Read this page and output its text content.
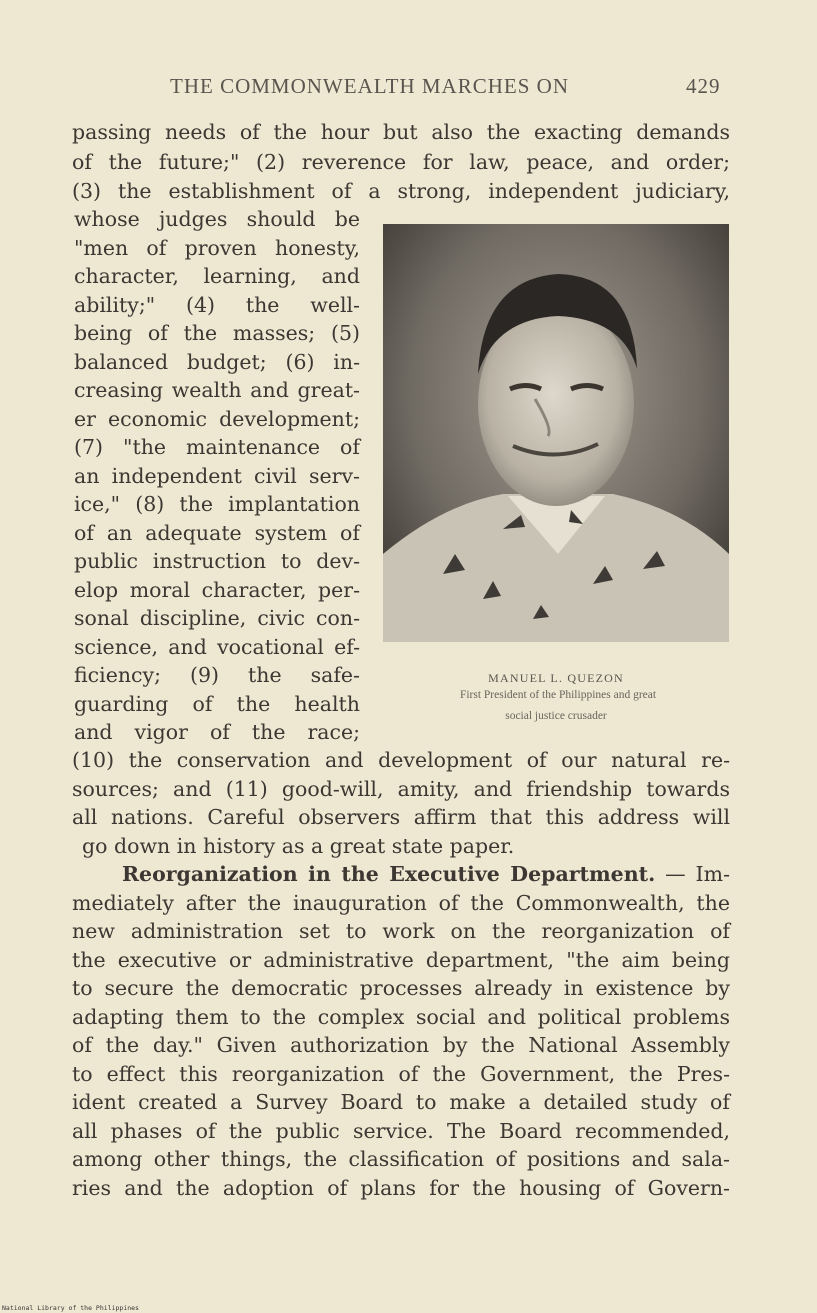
THE COMMONWEALTH MARCHES ON	429
passing needs of the hour but also the exacting demands
of the future;" (2) reverence for law, peace, and order;
(3) the establishment of a strong, independent judiciary,
whose judges should be
"men of proven honesty,
character, learning, and
ability;" (4) the well-
being of the masses; (5)
balanced budget; (6) in-
creasing wealth and great-
er economic development;
(7) "the maintenance of
an independent civil serv-
ice," (8) the implantation
of an adequate system of
public instruction to dev-
elop moral character, per-
sonal discipline, civic con-
science, and vocational ef-
ficiency; (9) the safe-
guarding of the health
and vigor of the race;
MANUEL L. QUEZON
First President of the Philippines and great
social justice crusader
(10) the conservation and development of our natural re-
sources; and (11) good-will, amity, and friendship towards
all nations. Careful observers affirm that this address will
go down in history as a great state paper.
Reorganization in the Executive Department. — Im-
mediately after the inauguration of the Commonwealth, the
new administration set to work on the reorganization of
the executive or administrative department, "the aim being
to secure the democratic processes already in existence by
adapting them to the complex social and political problems
of the day." Given authorization by the National Assembly
to effect this reorganization of the Government, the Pres-
ident created a Survey Board to make a detailed study of
all phases of the public service. The Board recommended,
among other things, the classification of positions and sala-
ries and the adoption of plans for the housing of Govern-
National Library of the Philippines
